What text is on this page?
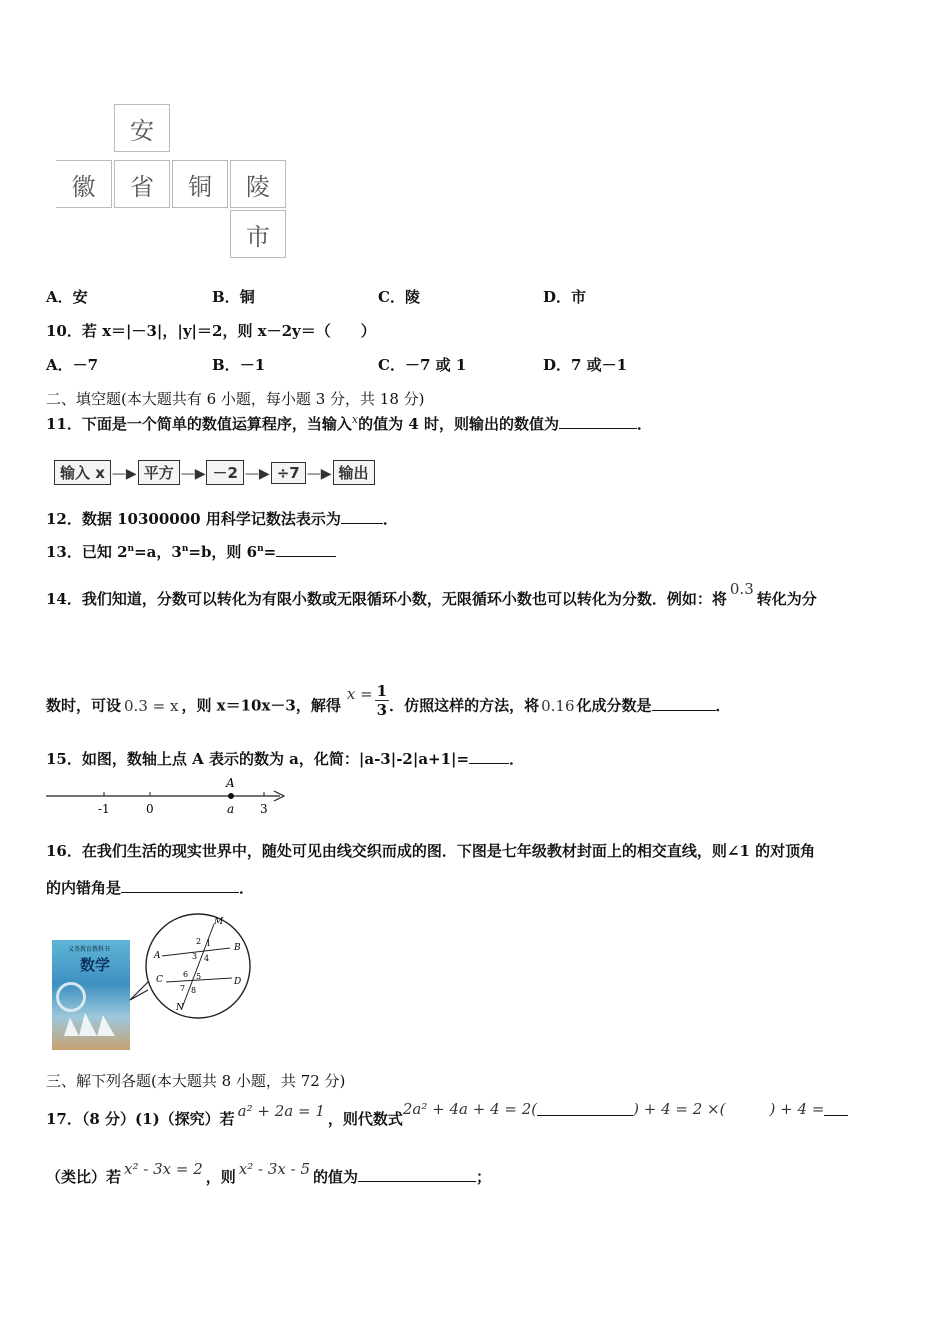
安
徽 省 铜 陵
市
A．安	B．铜	C．陵	D．市
10．若 x＝|－3|，|y|＝2，则 x－2y＝（　　）
A．－7	B．－1	C．－7 或 1	D．7 或－1
二、填空题(本大题共有 6 小题，每小题 3 分，共 18 分)
11．下面是一个简单的数值运算程序，当输入$^x$的值为 4 时，则输出的数值为	．
输入 x —▶ 平方 —▶ －2 —▶ ÷7 —▶ 输出
12．数据 10300000 用科学记数法表示为	．
13．已知 $2^n=a$，$3^n=b$，则 $6^n=$
14．我们知道，分数可以转化为有限小数或无限循环小数，无限循环小数也可以转化为分数．例如：将0.3转化为分
数时，可设 0.3 = x ，则 x＝10x－3，解得$x = \frac{1}{3}$ ．仿照这样的方法，将 0.16 化成分数是	．
15．如图，数轴上点 A 表示的数为 a，化简：|a-3|-2|a+1|=	．
A
-1	0	a 3
16．在我们生活的现实世界中，随处可见由线交织而成的图．下图是七年级教材封面上的相交直线，则∠1 的对顶角
的内错角是	．
义务教育教科书
数学
M
A
B
C	D
N
1
2
3 4
5
6
7 8
三、解下列各题(本大题共 8 小题，共 72 分)
17．（8 分）(1)（探究）若 a² + 2a = 1 ，则代数式2a² + 4a + 4 = 2(	) + 4 = 2 ×(	) + 4 =
（类比）若 x² - 3x = 2 ，则 x² - 3x - 5 的值为	；
